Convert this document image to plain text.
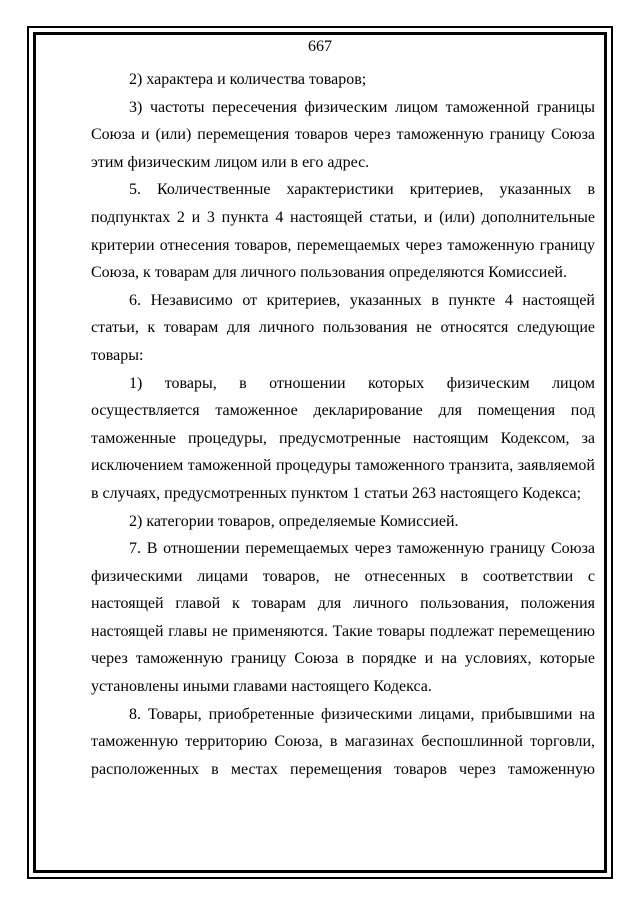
667

2) характера и количества товаров;

3) частоты пересечения физическим лицом таможенной границы Союза и (или) перемещения товаров через таможенную границу Союза этим физическим лицом или в его адрес.

5. Количественные характеристики критериев, указанных в подпунктах 2 и 3 пункта 4 настоящей статьи, и (или) дополнительные критерии отнесения товаров, перемещаемых через таможенную границу Союза, к товарам для личного пользования определяются Комиссией.

6. Независимо от критериев, указанных в пункте 4 настоящей статьи, к товарам для личного пользования не относятся следующие товары:

1) товары, в отношении которых физическим лицом осуществляется таможенное декларирование для помещения под таможенные процедуры, предусмотренные настоящим Кодексом, за исключением таможенной процедуры таможенного транзита, заявляемой в случаях, предусмотренных пунктом 1 статьи 263 настоящего Кодекса;

2) категории товаров, определяемые Комиссией.

7. В отношении перемещаемых через таможенную границу Союза физическими лицами товаров, не отнесенных в соответствии с настоящей главой к товарам для личного пользования, положения настоящей главы не применяются. Такие товары подлежат перемещению через таможенную границу Союза в порядке и на условиях, которые установлены иными главами настоящего Кодекса.

8. Товары, приобретенные физическими лицами, прибывшими на таможенную территорию Союза, в магазинах беспошлинной торговли, расположенных в местах перемещения товаров через таможенную
